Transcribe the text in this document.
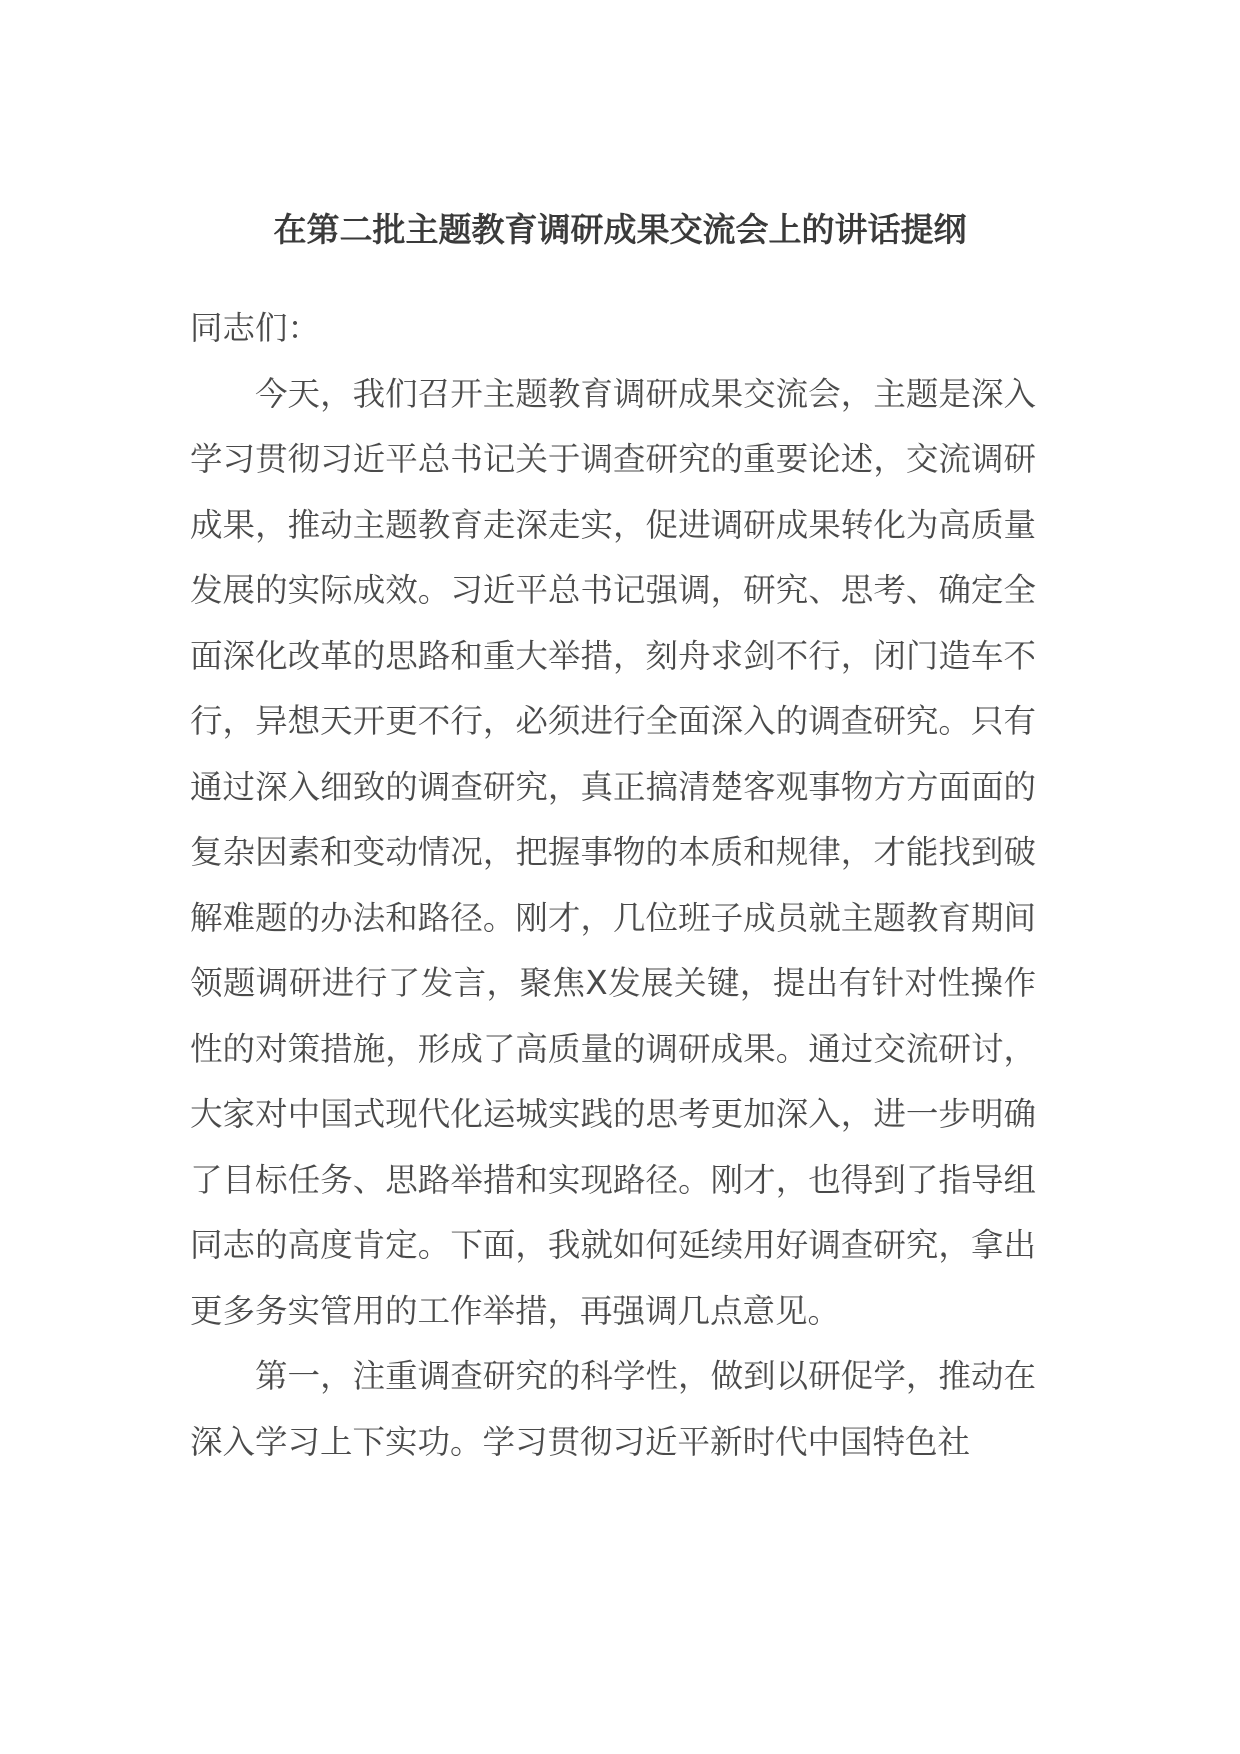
在第二批主题教育调研成果交流会上的讲话提纲

同志们：

今天，我们召开主题教育调研成果交流会，主题是深入学习贯彻习近平总书记关于调查研究的重要论述，交流调研成果，推动主题教育走深走实，促进调研成果转化为高质量发展的实际成效。习近平总书记强调，研究、思考、确定全面深化改革的思路和重大举措，刻舟求剑不行，闭门造车不行，异想天开更不行，必须进行全面深入的调查研究。只有通过深入细致的调查研究，真正搞清楚客观事物方方面面的复杂因素和变动情况，把握事物的本质和规律，才能找到破解难题的办法和路径。刚才，几位班子成员就主题教育期间领题调研进行了发言，聚焦X发展关键，提出有针对性操作性的对策措施，形成了高质量的调研成果。通过交流研讨，大家对中国式现代化运城实践的思考更加深入，进一步明确了目标任务、思路举措和实现路径。刚才，也得到了指导组同志的高度肯定。下面，我就如何延续用好调查研究，拿出更多务实管用的工作举措，再强调几点意见。

第一，注重调查研究的科学性，做到以研促学，推动在深入学习上下实功。学习贯彻习近平新时代中国特色社
